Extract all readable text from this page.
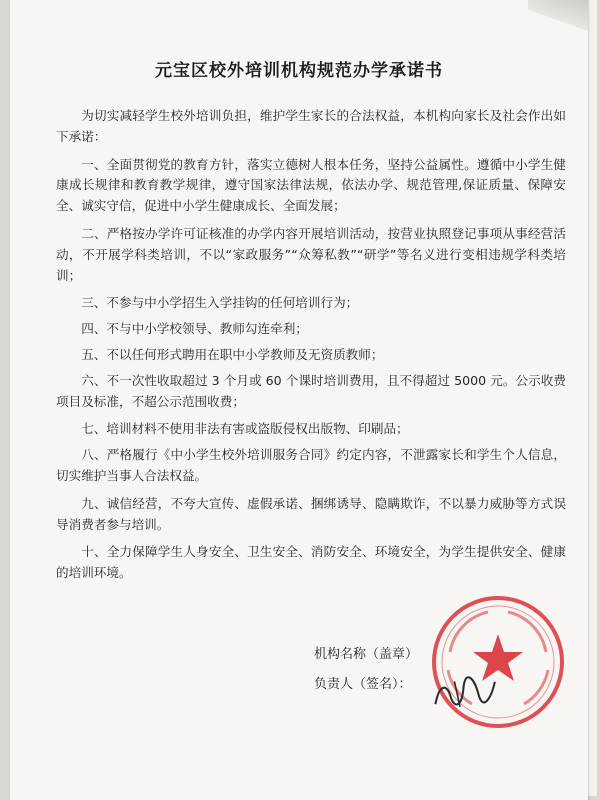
元宝区校外培训机构规范办学承诺书

为切实减轻学生校外培训负担，维护学生家长的合法权益，本机构向家长及社会作出如下承诺：

一、全面贯彻党的教育方针，落实立德树人根本任务，坚持公益属性。遵循中小学生健康成长规律和教育教学规律，遵守国家法律法规，依法办学、规范管理,保证质量、保障安全、诚实守信，促进中小学生健康成长、全面发展；

二、严格按办学许可证核准的办学内容开展培训活动，按营业执照登记事项从事经营活动，不开展学科类培训，不以“家政服务”“众筹私教”“研学”等名义进行变相违规学科类培训；

三、不参与中小学招生入学挂钩的任何培训行为；

四、不与中小学校领导、教师勾连牵利；

五、不以任何形式聘用在职中小学教师及无资质教师；

六、不一次性收取超过 3 个月或 60 个课时培训费用，且不得超过 5000 元。公示收费项目及标准，不超公示范围收费；

七、培训材料不使用非法有害或盗版侵权出版物、印刷品；

八、严格履行《中小学生校外培训服务合同》约定内容，不泄露家长和学生个人信息，切实维护当事人合法权益。

九、诚信经营，不夸大宣传、虚假承诺、捆绑诱导、隐瞒欺诈，不以暴力威胁等方式误导消费者参与培训。

十、全力保障学生人身安全、卫生安全、消防安全、环境安全，为学生提供安全、健康的培训环境。

机构名称（盖章）
负责人（签名）：
